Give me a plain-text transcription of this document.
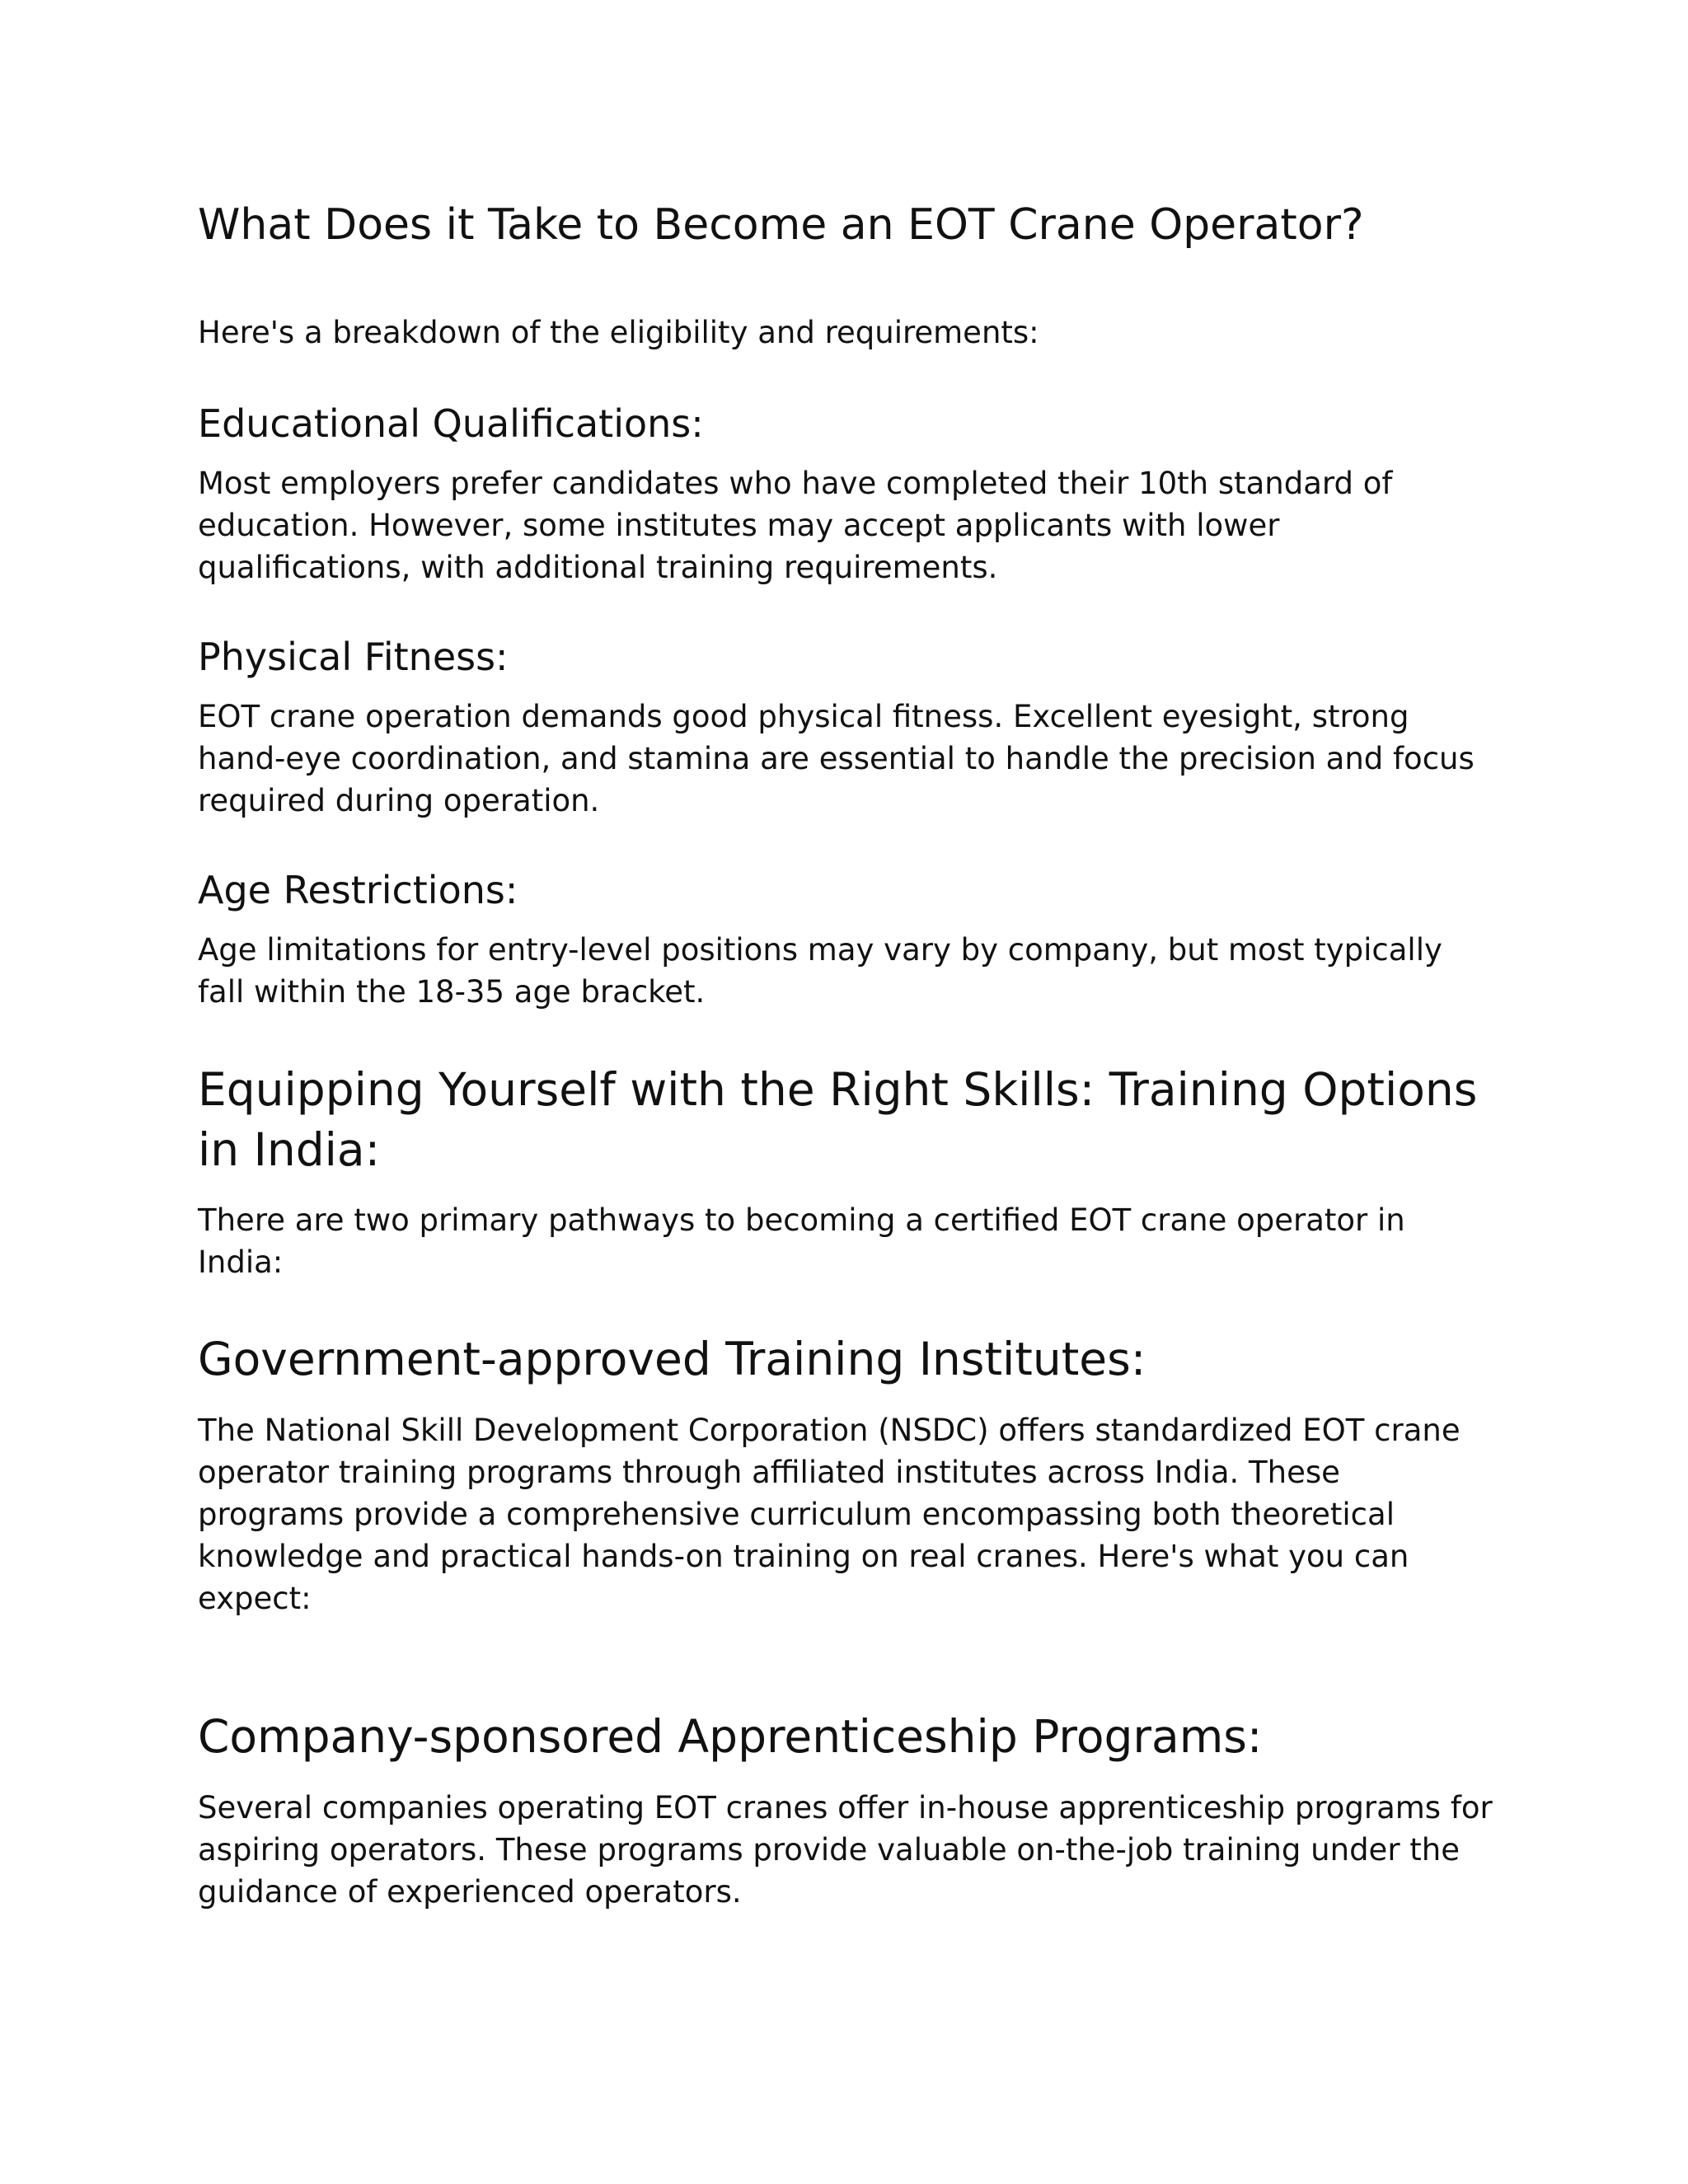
What Does it Take to Become an EOT Crane Operator?

Here's a breakdown of the eligibility and requirements:

Educational Qualifications:

Most employers prefer candidates who have completed their 10th standard of
education. However, some institutes may accept applicants with lower
qualifications, with additional training requirements.

Physical Fitness:

EOT crane operation demands good physical fitness. Excellent eyesight, strong
hand-eye coordination, and stamina are essential to handle the precision and focus
required during operation.

Age Restrictions:

Age limitations for entry-level positions may vary by company, but most typically
fall within the 18-35 age bracket.

Equipping Yourself with the Right Skills: Training Options
in India:

There are two primary pathways to becoming a certified EOT crane operator in
India:

Government-approved Training Institutes:

The National Skill Development Corporation (NSDC) offers standardized EOT crane
operator training programs through affiliated institutes across India. These
programs provide a comprehensive curriculum encompassing both theoretical
knowledge and practical hands-on training on real cranes. Here's what you can
expect:

Company-sponsored Apprenticeship Programs:

Several companies operating EOT cranes offer in-house apprenticeship programs for
aspiring operators. These programs provide valuable on-the-job training under the
guidance of experienced operators.
